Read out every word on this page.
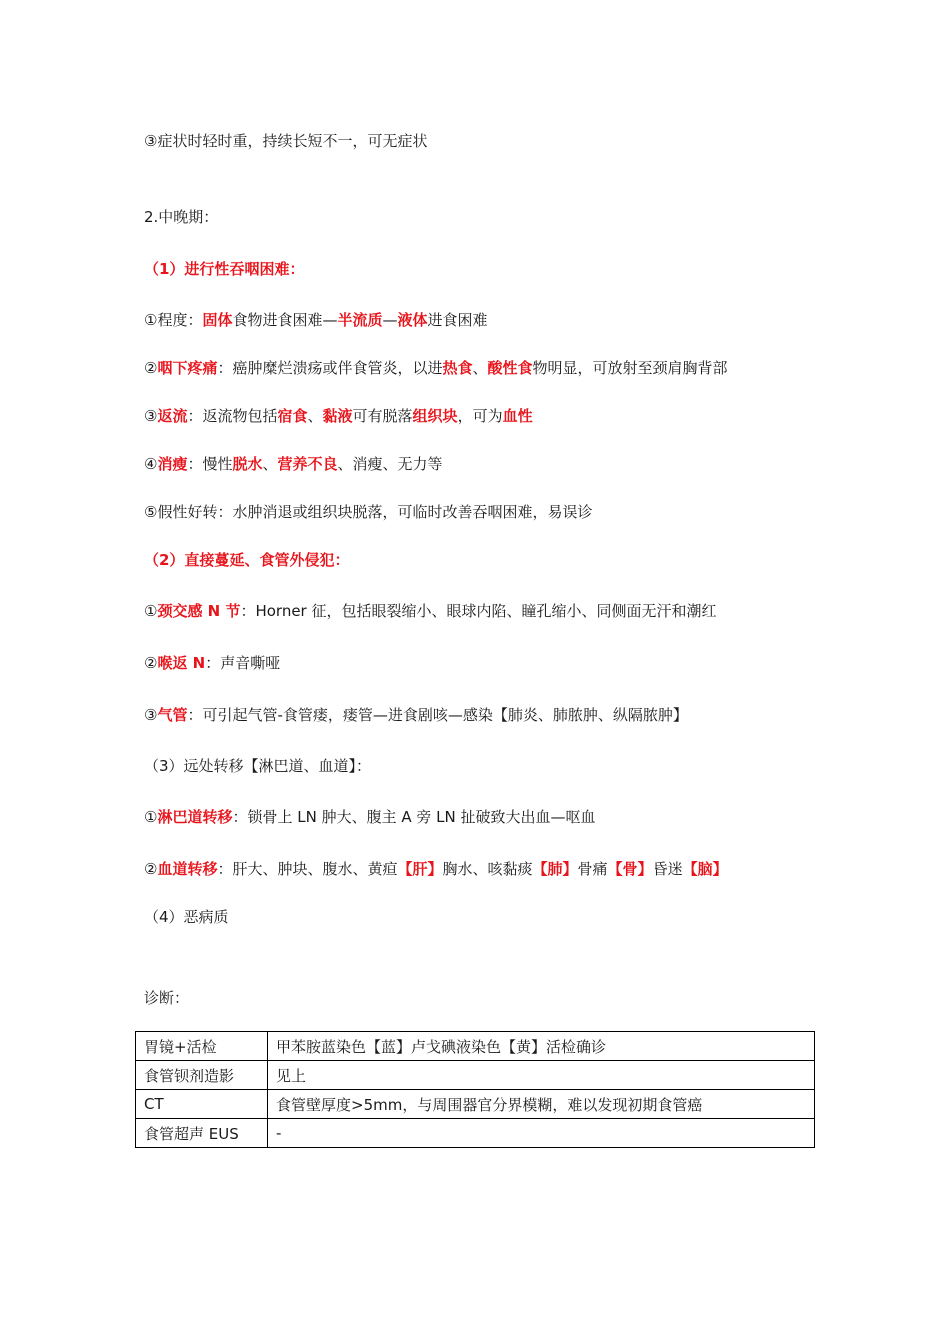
③症状时轻时重，持续长短不一，可无症状
2.中晚期：
（1）进行性吞咽困难：
①程度：固体食物进食困难—半流质—液体进食困难
②咽下疼痛：癌肿糜烂溃疡或伴食管炎，以进热食、酸性食物明显，可放射至颈肩胸背部
③返流：返流物包括宿食、黏液可有脱落组织块，可为血性
④消瘦：慢性脱水、营养不良、消瘦、无力等
⑤假性好转：水肿消退或组织块脱落，可临时改善吞咽困难，易误诊
（2）直接蔓延、食管外侵犯：
①颈交感 N 节：Horner 征，包括眼裂缩小、眼球内陷、瞳孔缩小、同侧面无汗和潮红
②喉返 N：声音嘶哑
③气管：可引起气管-食管瘘，瘘管—进食剧咳—感染【肺炎、肺脓肿、纵隔脓肿】
（3）远处转移【淋巴道、血道】：
①淋巴道转移：锁骨上 LN 肿大、腹主 A 旁 LN 扯破致大出血—呕血
②血道转移：肝大、肿块、腹水、黄疸【肝】胸水、咳黏痰【肺】骨痛【骨】昏迷【脑】
（4）恶病质
诊断：
胃镜+活检	甲苯胺蓝染色【蓝】卢戈碘液染色【黄】活检确诊
食管钡剂造影	见上
CT	食管壁厚度>5mm，与周围器官分界模糊，难以发现初期食管癌
食管超声 EUS	-
